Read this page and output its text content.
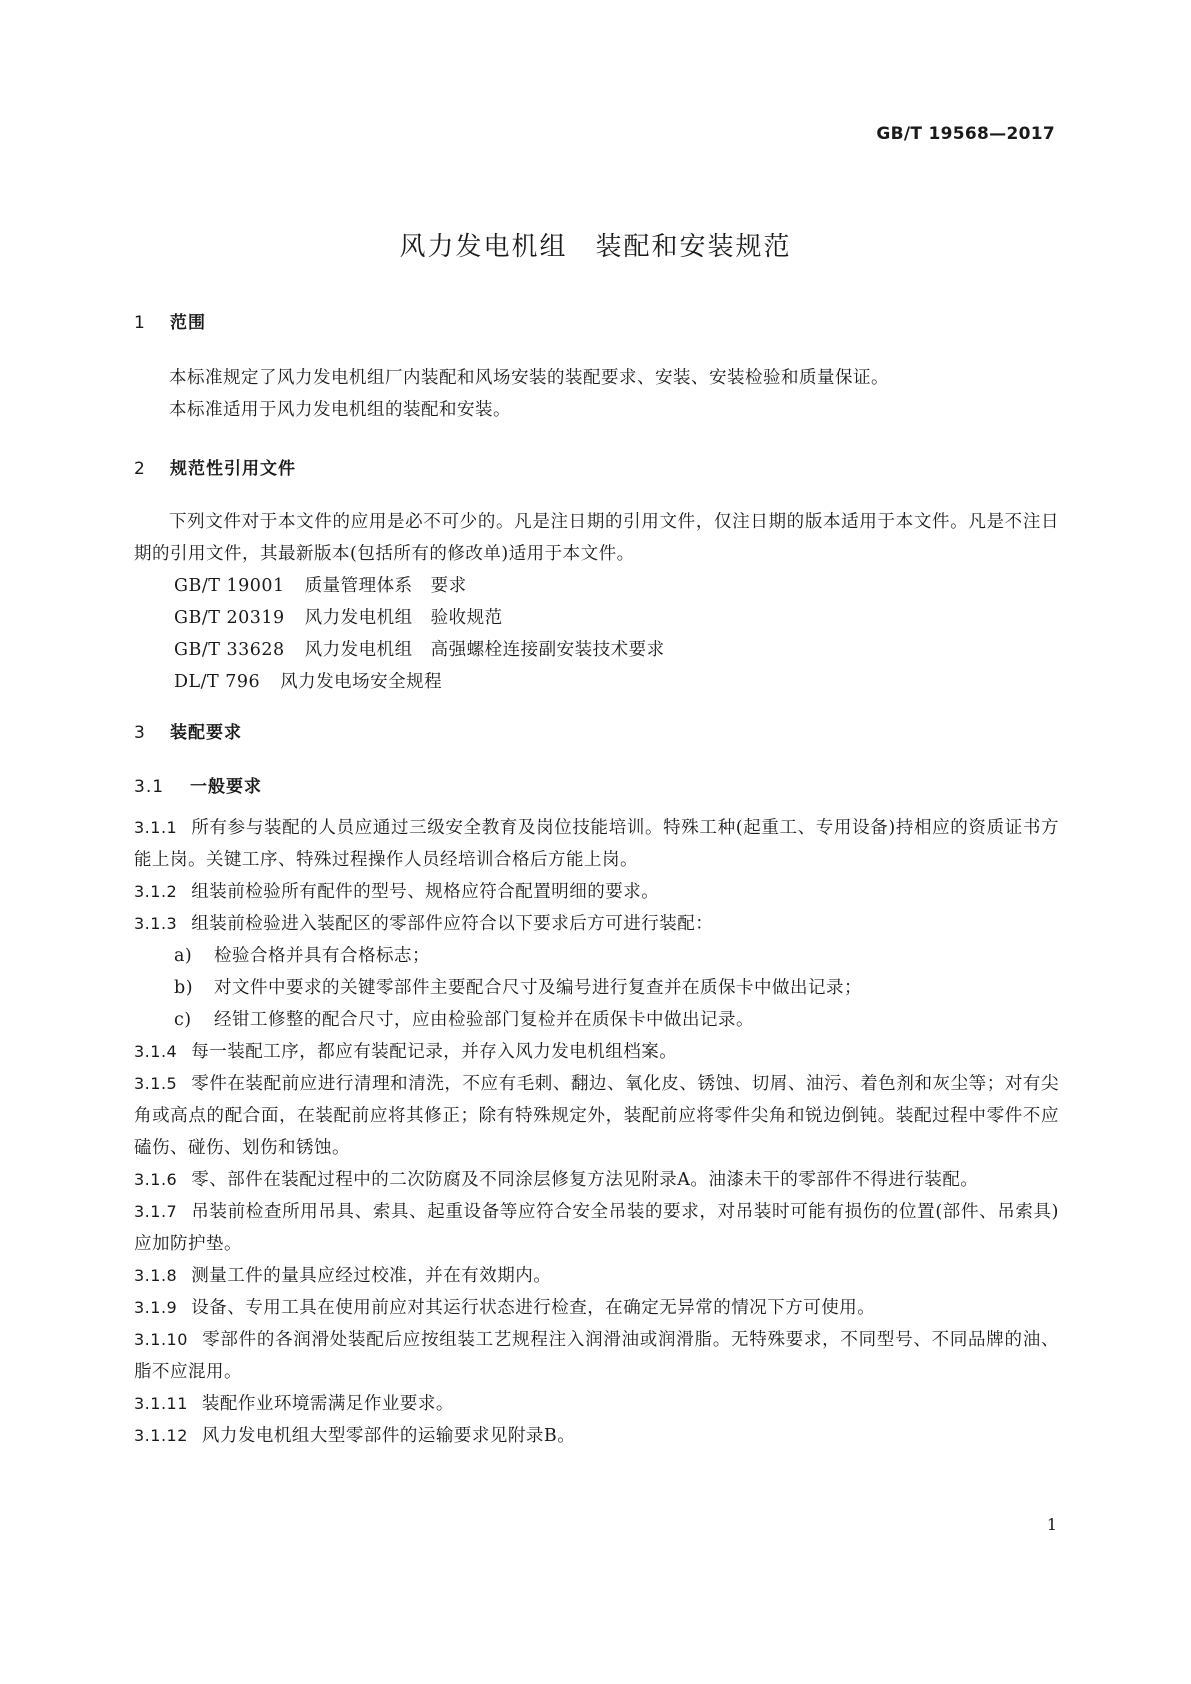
GB/T 19568—2017
风力发电机组　装配和安装规范
1 范围
本标准规定了风力发电机组厂内装配和风场安装的装配要求、安装、安装检验和质量保证。
本标准适用于风力发电机组的装配和安装。
2 规范性引用文件
下列文件对于本文件的应用是必不可少的。凡是注日期的引用文件，仅注日期的版本适用于本文件。凡是不注日期的引用文件，其最新版本(包括所有的修改单)适用于本文件。
GB/T 19001 质量管理体系　要求
GB/T 20319 风力发电机组　验收规范
GB/T 33628 风力发电机组　高强螺栓连接副安装技术要求
DL/T 796 风力发电场安全规程
3 装配要求
3.1 一般要求
3.1.1 所有参与装配的人员应通过三级安全教育及岗位技能培训。特殊工种(起重工、专用设备)持相应的资质证书方能上岗。关键工序、特殊过程操作人员经培训合格后方能上岗。
3.1.2 组装前检验所有配件的型号、规格应符合配置明细的要求。
3.1.3 组装前检验进入装配区的零部件应符合以下要求后方可进行装配：
a) 检验合格并具有合格标志；
b) 对文件中要求的关键零部件主要配合尺寸及编号进行复查并在质保卡中做出记录；
c) 经钳工修整的配合尺寸，应由检验部门复检并在质保卡中做出记录。
3.1.4 每一装配工序，都应有装配记录，并存入风力发电机组档案。
3.1.5 零件在装配前应进行清理和清洗，不应有毛刺、翻边、氧化皮、锈蚀、切屑、油污、着色剂和灰尘等；对有尖角或高点的配合面，在装配前应将其修正；除有特殊规定外，装配前应将零件尖角和锐边倒钝。装配过程中零件不应磕伤、碰伤、划伤和锈蚀。
3.1.6 零、部件在装配过程中的二次防腐及不同涂层修复方法见附录A。油漆未干的零部件不得进行装配。
3.1.7 吊装前检查所用吊具、索具、起重设备等应符合安全吊装的要求，对吊装时可能有损伤的位置(部件、吊索具)应加防护垫。
3.1.8 测量工件的量具应经过校准，并在有效期内。
3.1.9 设备、专用工具在使用前应对其运行状态进行检查，在确定无异常的情况下方可使用。
3.1.10 零部件的各润滑处装配后应按组装工艺规程注入润滑油或润滑脂。无特殊要求，不同型号、不同品牌的油、脂不应混用。
3.1.11 装配作业环境需满足作业要求。
3.1.12 风力发电机组大型零部件的运输要求见附录B。
1
